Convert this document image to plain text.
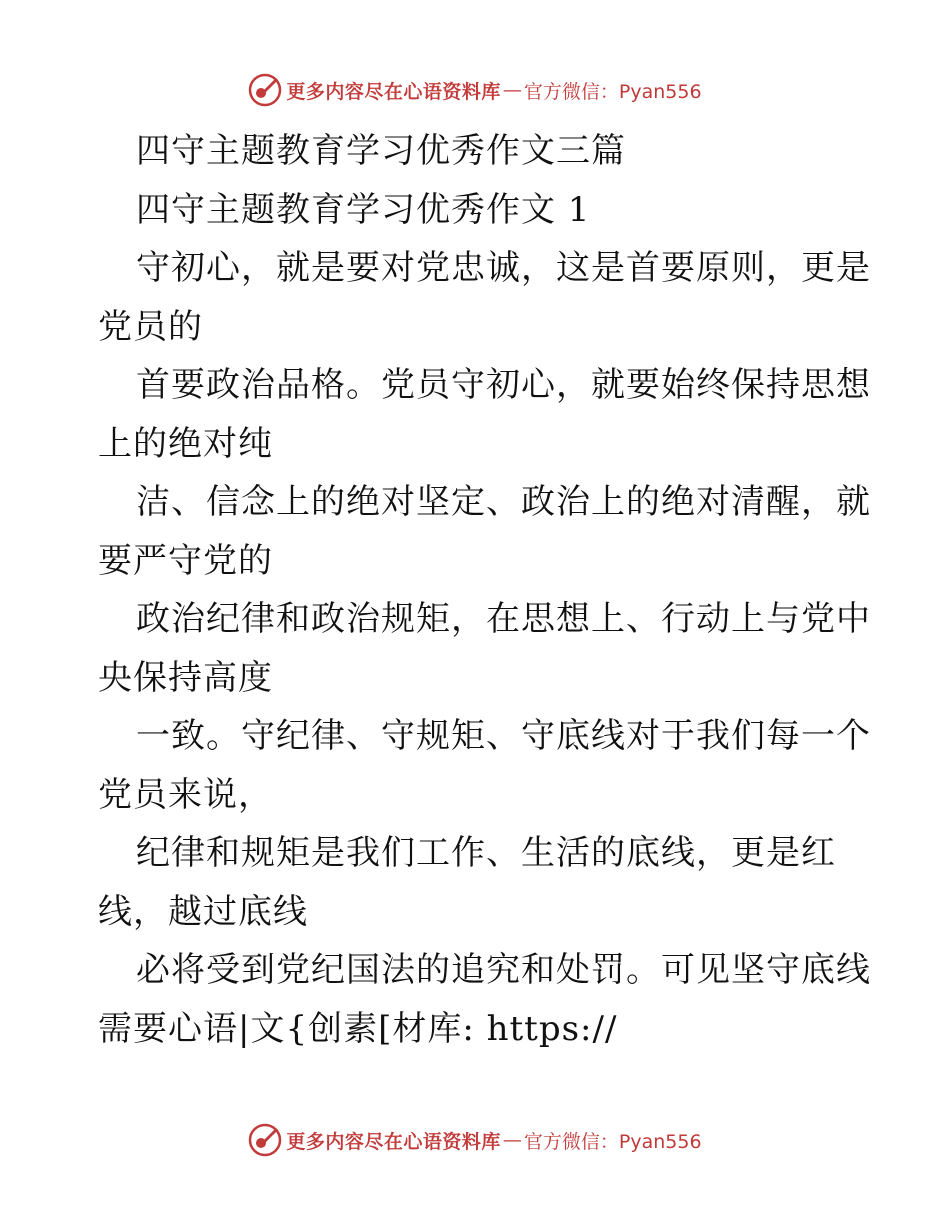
更多内容尽在心语资料库 — 官方微信：Pyan556
四守主题教育学习优秀作文三篇
四守主题教育学习优秀作文 1
守初心，就是要对党忠诚，这是首要原则，更是
党员的
首要政治品格。党员守初心，就要始终保持思想
上的绝对纯
洁、信念上的绝对坚定、政治上的绝对清醒，就
要严守党的
政治纪律和政治规矩，在思想上、行动上与党中
央保持高度
一致。守纪律、守规矩、守底线对于我们每一个
党员来说，
纪律和规矩是我们工作、生活的底线，更是红
线，越过底线
必将受到党纪国法的追究和处罚。可见坚守底线
需要心语|文{创素[材库: https://
更多内容尽在心语资料库 — 官方微信：Pyan556
